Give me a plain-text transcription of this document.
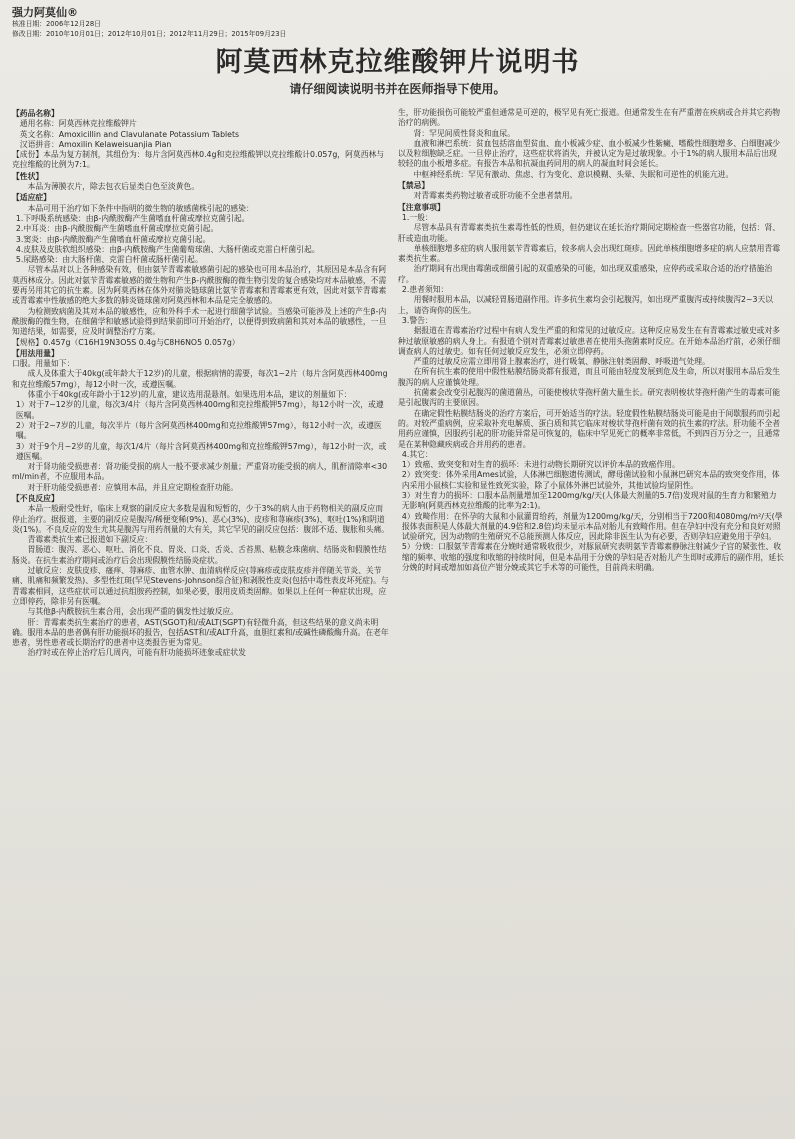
强力阿莫仙®
核准日期：2006年12月28日
修改日期：2010年10月01日；2012年10月01日；2012年11月29日；2015年09月23日
阿莫西林克拉维酸钾片说明书
请仔细阅读说明书并在医师指导下使用。
【药品名称】
通用名称：阿莫西林克拉维酸钾片
英文名称：Amoxicillin and Clavulanate Potassium Tablets
汉语拼音：Amoxilin Kelaweisuanjia Pian
【成份】本品为复方制剂，其组份为：每片含阿莫西林0.4g和克拉维酸钾以克拉维酸计0.057g，阿莫西林与克拉维酸的比例为7:1。
【性状】
本品为薄膜衣片，除去包衣后显类白色至淡黄色。
【适应症】
本品可用于治疗如下条件中指明的微生物的敏感菌株引起的感染：
1.下呼吸系统感染：由β-内酰胺酶产生菌嗜血杆菌或摩拉克菌引起。
2.中耳炎：由β-内酰胺酶产生菌嗜血杆菌或摩拉克菌引起。
3.窦炎：由β-内酰胺酶产生菌嗜血杆菌或摩拉克菌引起。
4.皮肤及皮肤软组织感染：由β-内酰胺酶产生菌葡萄球菌、大肠杆菌或克雷白杆菌引起。
5.尿路感染：由大肠杆菌、克雷白杆菌或肠杆菌引起。
尽管本品对以上各种感染有效，但由氨苄青霉素敏感菌引起的感染也可用本品治疗，其原因是本品含有阿莫西林成分。因此对氨苄青霉素敏感的微生物和产生β-内酰胺酶的微生物引发的复合感染均对本品敏感，不需要再另用其它的抗生素。因为阿莫西林在体外对肺炎链球菌比氨苄青霉素和青霉素更有效，因此对氨苄青霉素或青霉素中性敏感的绝大多数的肺炎链球菌对阿莫西林和本品是完全敏感的。
为检测致病菌及其对本品的敏感性，应和外科手术一起进行细菌学试验。当感染可能涉及上述的产生β-内酰胺酶的微生物，在细菌学和敏感试验得到结果前即可开始治疗，以便得到致病菌和其对本品的敏感性，一旦知道结果，如需要，应及时调整治疗方案。
【规格】0.457g（C16H19N3O5S 0.4g与C8H6NO5 0.057g）
【用法用量】
口服。用量如下：
成人及体重大于40kg(或年龄大于12岁)的儿童，根据病情的需要，每次1~2片（每片含阿莫西林400mg和克拉维酸57mg），每12小时一次，或遵医嘱。
体重小于40kg(或年龄小于12岁)的儿童，建议选用混悬剂。如果选用本品，建议的剂量如下：
1）对于7~12岁的儿童，每次3/4片（每片含阿莫西林400mg和克拉维酸钾57mg），每12小时一次，或遵医嘱。
2）对于2~7岁的儿童，每次半片（每片含阿莫西林400mg和克拉维酸钾57mg），每12小时一次，或遵医嘱。
3）对于9个月~2岁的儿童，每次1/4片（每片含阿莫西林400mg和克拉维酸钾57mg），每12小时一次，或遵医嘱。
对于肾功能受损患者：肾功能受损的病人一般不要求减少剂量；严重肾功能受损的病人，肌酐清除率<30ml/min者，不应服用本品。
对于肝功能受损患者：应慎用本品，并且应定期检查肝功能。
【不良反应】
本品一般耐受性好，临床上观察的副反应大多数是温和短暂的，少于3%的病人由于药物相关的副反应而停止治疗。据报道，主要的副反应是腹泻/稀便变稀(9%)、恶心(3%)、皮疹和荨麻疹(3%)、呕吐(1%)和阴道炎(1%)。不良反应的发生尤其是腹泻与用药剂量的大有关，其它罕见的副反应包括：腹部不适、腹胀和头痛。
青霉素类抗生素已报道如下副反应：
胃肠道：腹泻、恶心、呕吐、消化不良、胃炎、口炎、舌炎、舌苔黑、粘膜念珠菌病、结肠炎和假膜性结肠炎。在抗生素治疗期间或治疗后会出现假膜性结肠炎症状。
过敏反应：皮肤皮疹、瘙痒、荨麻疹、血管水肿、血清病样反应(荨麻疹或皮肤皮疹并伴随关节炎、关节痛、肌痛和频繁发热)、多型性红斑(罕见Stevens-Johnson综合征)和剥脱性皮炎(包括中毒性表皮坏死症)。与青霉素相同，这些症状可以通过抗组胺药控制，如果必要，服用皮质类固醇。如果以上任何一种症状出现，应立即停药，除非另有医嘱。
与其他β-内酰胺抗生素合用，会出现严重的偶发性过敏反应。
肝：青霉素类抗生素治疗的患者，AST(SGOT)和/或ALT(SGPT)有轻微升高，但这些结果的意义尚未明确。服用本品的患者偶有肝功能损坏的报告，包括AST和/或ALT升高，血胆红素和/或碱性磷酸酶升高。在老年患者，男性患者或长期治疗的患者中这类报告更为常见。
治疗时或在停止治疗后几周内，可能有肝功能损坏迹象或症状发
生，肝功能损伤可能较严重但通常是可逆的，极罕见有死亡报道。但通常发生在有严重潜在疾病或合并其它药物治疗的病例。
肾：罕见间质性肾炎和血尿。
血液和淋巴系统：贫血包括溶血型贫血、血小板减少症、血小板减少性紫癜、嗜酸性细胞增多、白细胞减少以及粒细胞缺乏症。一旦停止治疗，这些症状将消失，并被认定为是过敏现象。小于1%的病人服用本品后出现较轻的血小板增多症。有报告本品和抗凝血药同用的病人的凝血时间会延长。
中枢神经系统：罕见有激动、焦虑、行为变化、意识模糊、头晕、失眠和可逆性的机能亢进。
【禁忌】
对青霉素类药物过敏者或肝功能不全患者禁用。
【注意事项】
1.一般：
尽管本品具有青霉素类抗生素毒性低的性质，但仍建议在延长治疗期间定期检查一些器官功能，包括：肾、肝或造血功能。
单核细胞增多症的病人服用氨苄青霉素后，较多病人会出现红斑疹。因此单核细胞增多症的病人应禁用青霉素类抗生素。
治疗期间有出现由霉菌或细菌引起的双重感染的可能，如出现双重感染，应停药或采取合适的治疗措施治疗。
2.患者须知：
用餐时服用本品，以减轻胃肠道副作用。许多抗生素均会引起腹泻，如出现严重腹泻或持续腹泻2~3天以上，请咨询你的医生。
3.警告：
据报道在青霉素治疗过程中有病人发生严重的和常见的过敏反应。这种反应易发生在有青霉素过敏史或对多种过敏原敏感的病人身上。有报道个别对青霉素过敏患者在使用头孢菌素时反应。在开始本品治疗前，必须仔细调查病人的过敏史。如有任何过敏反应发生，必须立即停药。
严重的过敏反应需立即用肾上腺素治疗，进行吸氧、静脉注射类固醇、呼吸道气处理。
在所有抗生素的使用中假性粘膜结肠炎都有报道，而且可能由轻度发展到危及生命，所以对服用本品后发生腹泻的病人应谨慎处理。
抗菌素会改变引起腹泻的菌道菌丛，可能使梭状芽孢杆菌大量生长。研究表明梭状芽孢杆菌产生的毒素可能是引起腹泻的主要原因。
在确定假性粘膜结肠炎的治疗方案后，可开始适当的疗法。轻度假性粘膜结肠炎可能是由于间歇服药而引起的。对较严重病例，应采取补充电解质、蛋白质和其它临床对梭状芽孢杆菌有效的抗生素的疗法。肝功能不全者用药应谨慎，因服药引起的肝功能异常是可恢复的，临床中罕见死亡的概率非常低，不到四百万分之一，且通常是在某种隐藏疾病或合并用药的患者。
4.其它：
1）致癌、致突变和对生育的损坏：未进行动物长期研究以评价本品的致癌作用。
2）致突变：体外采用Ames试验，人体淋巴细胞遗传测试，酵母菌试验和小鼠淋巴研究本品的致突变作用，体内采用小鼠核仁实验和显性致死实验，除了小鼠体外淋巴试验外，其他试验均显阴性。
3）对生育力的损坏：口服本品剂量增加至1200mg/kg/天(人体最大剂量的5.7倍)发现对鼠的生育力和繁殖力无影响(阿莫西林克拉维酸的比率为2:1)。
4）致畸作用：在怀孕的大鼠和小鼠灌胃给药，剂量为1200mg/kg/天，分别相当于7200和4080mg/m²/天(學报体表面积是人体最大剂量的4.9倍和2.8倍)均未显示本品对胎儿有致畸作用。但在孕妇中没有充分和良好对照试验研究，因为动物的生殖研究不总能预测人体反应，因此除非医生认为有必要，否则孕妇应避免用于孕妇。
5）分娩：口服氨苄青霉素在分娩时通常吸收很少，对豚鼠研究表明氨苄青霉素静脉注射减少子宫的紧张性、收缩的频率、收缩的强度和收缩的持续时间，但是本品用于分娩的孕妇是否对胎儿产生即时或滞后的副作用，延长分娩的时间或增加如高位产钳分娩或其它手术等的可能性，目前尚未明确。
